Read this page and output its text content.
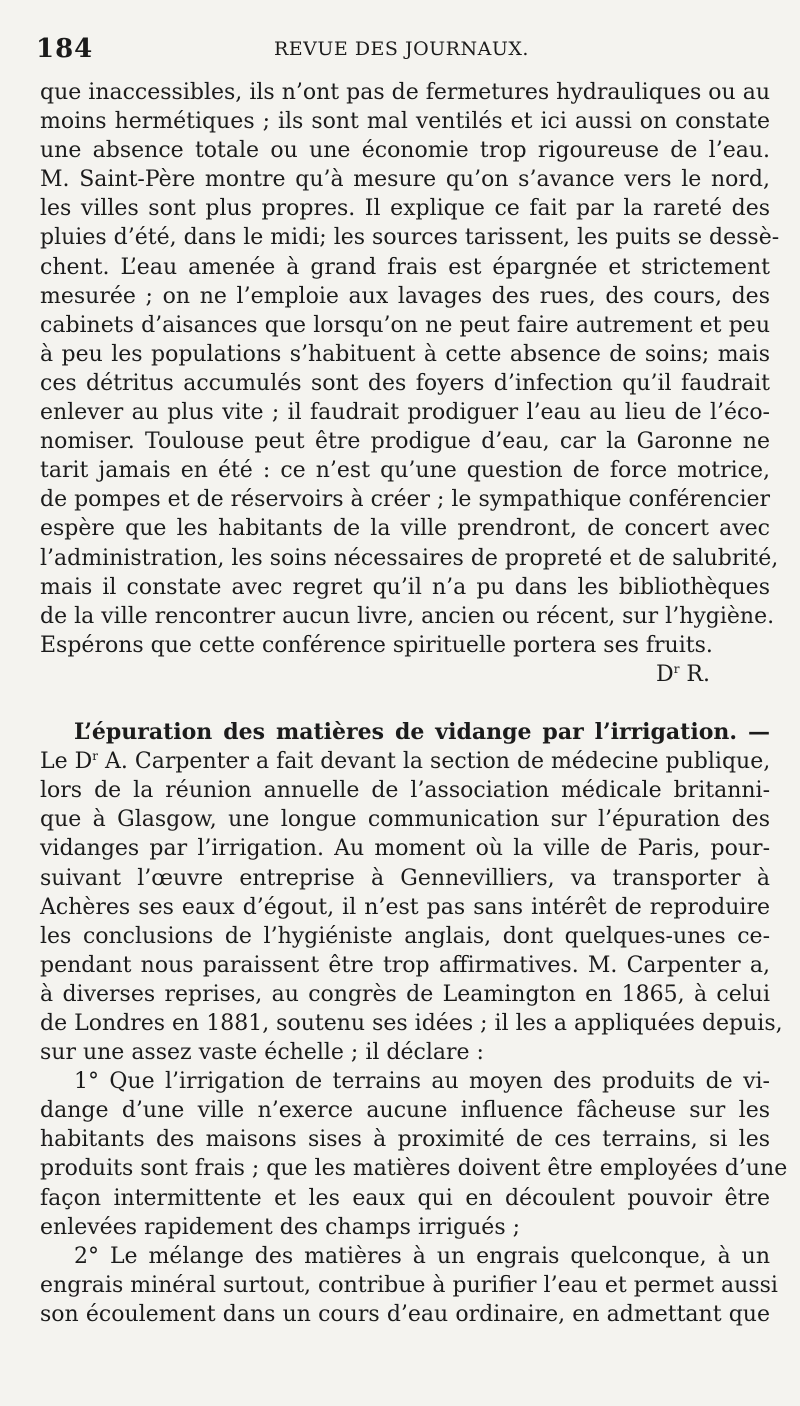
184	REVUE DES JOURNAUX.
que inaccessibles, ils n’ont pas de fermetures hydrauliques ou au
moins hermétiques ; ils sont mal ventilés et ici aussi on constate
une absence totale ou une économie trop rigoureuse de l’eau.
M. Saint-Père montre qu’à mesure qu’on s’avance vers le nord,
les villes sont plus propres. Il explique ce fait par la rareté des
pluies d’été, dans le midi; les sources tarissent, les puits se dessè-
chent. L’eau amenée à grand frais est épargnée et strictement
mesurée ; on ne l’emploie aux lavages des rues, des cours, des
cabinets d’aisances que lorsqu’on ne peut faire autrement et peu
à peu les populations s’habituent à cette absence de soins; mais
ces détritus accumulés sont des foyers d’infection qu’il faudrait
enlever au plus vite ; il faudrait prodiguer l’eau au lieu de l’éco-
nomiser. Toulouse peut être prodigue d’eau, car la Garonne ne
tarit jamais en été : ce n’est qu’une question de force motrice,
de pompes et de réservoirs à créer ; le sympathique conférencier
espère que les habitants de la ville prendront, de concert avec
l’administration, les soins nécessaires de propreté et de salubrité,
mais il constate avec regret qu’il n’a pu dans les bibliothèques
de la ville rencontrer aucun livre, ancien ou récent, sur l’hygiène.
Espérons que cette conférence spirituelle portera ses fruits.
$D^r$ R.
L’épuration des matières de vidange par l’irrigation. —
Le $D^r$ A. Carpenter a fait devant la section de médecine publique,
lors de la réunion annuelle de l’association médicale britanni-
que à Glasgow, une longue communication sur l’épuration des
vidanges par l’irrigation. Au moment où la ville de Paris, pour-
suivant l’œuvre entreprise à Gennevilliers, va transporter à
Achères ses eaux d’égout, il n’est pas sans intérêt de reproduire
les conclusions de l’hygiéniste anglais, dont quelques-unes ce-
pendant nous paraissent être trop affirmatives. M. Carpenter a,
à diverses reprises, au congrès de Leamington en 1865, à celui
de Londres en 1881, soutenu ses idées ; il les a appliquées depuis,
sur une assez vaste échelle ; il déclare :
1° Que l’irrigation de terrains au moyen des produits de vi-
dange d’une ville n’exerce aucune influence fâcheuse sur les
habitants des maisons sises à proximité de ces terrains, si les
produits sont frais ; que les matières doivent être employées d’une
façon intermittente et les eaux qui en découlent pouvoir être
enlevées rapidement des champs irrigués ;
2° Le mélange des matières à un engrais quelconque, à un
engrais minéral surtout, contribue à purifier l’eau et permet aussi
son écoulement dans un cours d’eau ordinaire, en admettant que
